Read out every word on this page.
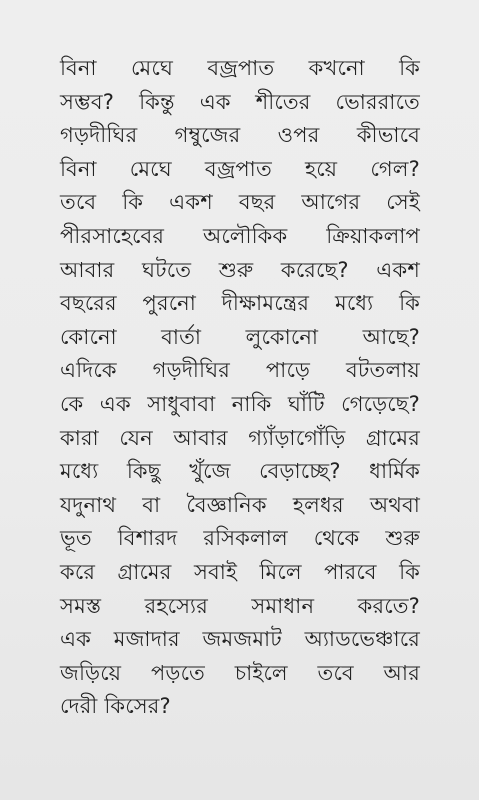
বিনা মেঘে বজ্রপাত কখনো কি
সম্ভব? কিন্তু এক শীতের ভোররাতে
গড়দীঘির গম্বুজের ওপর কীভাবে
বিনা মেঘে বজ্রপাত হয়ে গেল?
তবে কি একশ বছর আগের সেই
পীরসাহেবের অলৌকিক ক্রিয়াকলাপ
আবার ঘটতে শুরু করেছে? একশ
বছরের পুরনো দীক্ষামন্ত্রের মধ্যে কি
কোনো বার্তা লুকোনো আছে?
এদিকে গড়দীঘির পাড়ে বটতলায়
কে এক সাধুবাবা নাকি ঘাঁটি গেড়েছে?
কারা যেন আবার গ্যাঁড়াগোঁড়ি গ্রামের
মধ্যে কিছু খুঁজে বেড়াচ্ছে? ধার্মিক
যদুনাথ বা বৈজ্ঞানিক হলধর অথবা
ভূত বিশারদ রসিকলাল থেকে শুরু
করে গ্রামের সবাই মিলে পারবে কি
সমস্ত রহস্যের সমাধান করতে?
এক মজাদার জমজমাট অ্যাডভেঞ্চারে
জড়িয়ে পড়তে চাইলে তবে আর
দেরী কিসের?
